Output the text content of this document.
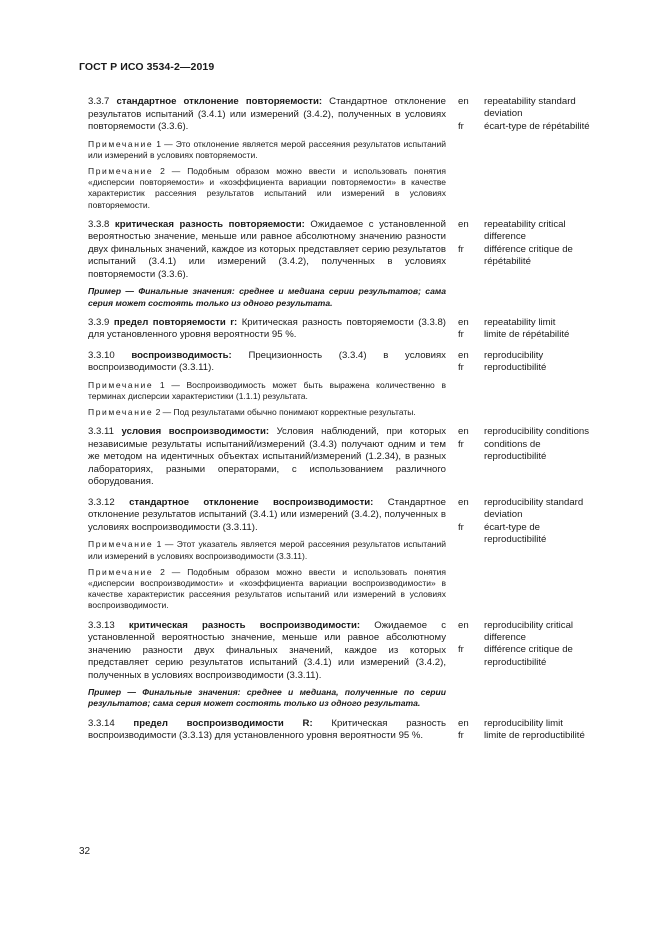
ГОСТ Р ИСО 3534-2—2019

3.3.7 стандартное отклонение повторяемости: Стандартное отклонение результатов испытаний (3.4.1) или измерений (3.4.2), полученных в условиях повторяемости (3.3.6).

Примечание 1 — Это отклонение является мерой рассеяния результатов испытаний или измерений в условиях повторяемости.

Примечание 2 — Подобным образом можно ввести и использовать понятия «дисперсии повторяемости» и «коэффициента вариации повторяемости» в качестве характеристик рассеяния результатов испытаний или измерений в условиях повторяемости.

en

fr
repeatability standard
deviation
écart-type de répétabilité

3.3.8 критическая разность повторяемости: Ожидаемое с установленной вероятностью значение, меньше или равное абсолютному значению разности двух финальных значений, каждое из которых представляет серию результатов испытаний (3.4.1) или измерений (3.4.2), полученных в условиях повторяемости (3.3.6).

Пример — Финальные значения: среднее и медиана серии результатов; сама серия может состоять только из одного результата.

en

fr
repeatability critical
difference
différence critique de
répétabilité

3.3.9 предел повторяемости r: Критическая разность повторяемости (3.3.8) для установленного уровня вероятности 95 %.

en
fr
repeatability limit
limite de répétabilité

3.3.10 воспроизводимость: Прецизионность (3.3.4) в условиях воспроизводимости (3.3.11).

Примечание 1 — Воспроизводимость может быть выражена количественно в терминах дисперсии характеристики (1.1.1) результата.

Примечание 2 — Под результатами обычно понимают корректные результаты.

en
fr
reproducibility
reproductibilité

3.3.11 условия воспроизводимости: Условия наблюдений, при которых независимые результаты испытаний/измерений (3.4.3) получают одним и тем же методом на идентичных объектах испытаний/измерений (1.2.34), в разных лабораториях, разными операторами, с использованием различного оборудования.

en
fr
reproducibility conditions
conditions de
reproductibilité

3.3.12 стандартное отклонение воспроизводимости: Стандартное отклонение результатов испытаний (3.4.1) или измерений (3.4.2), полученных в условиях воспроизводимости (3.3.11).

Примечание 1 — Этот указатель является мерой рассеяния результатов испытаний или измерений в условиях воспроизводимости (3.3.11).

Примечание 2 — Подобным образом можно ввести и использовать понятия «дисперсии воспроизводимости» и «коэффициента вариации воспроизводимости» в качестве характеристик рассеяния результатов испытаний или измерений в условиях воспроизводимости.

en

fr
reproducibility standard
deviation
écart-type de
reproductibilité

3.3.13 критическая разность воспроизводимости: Ожидаемое с установленной вероятностью значение, меньше или равное абсолютному значению разности двух финальных значений, каждое из которых представляет серию результатов испытаний (3.4.1) или измерений (3.4.2), полученных в условиях воспроизводимости (3.3.11).

Пример — Финальные значения: среднее и медиана, полученные по серии результатов; сама серия может состоять только из одного результата.

en

fr
reproducibility critical
difference
différence critique de
reproductibilité

3.3.14 предел воспроизводимости R: Критическая разность воспроизводимости (3.3.13) для установленного уровня вероятности 95 %.

en
fr
reproducibility limit
limite de reproductibilité
32
